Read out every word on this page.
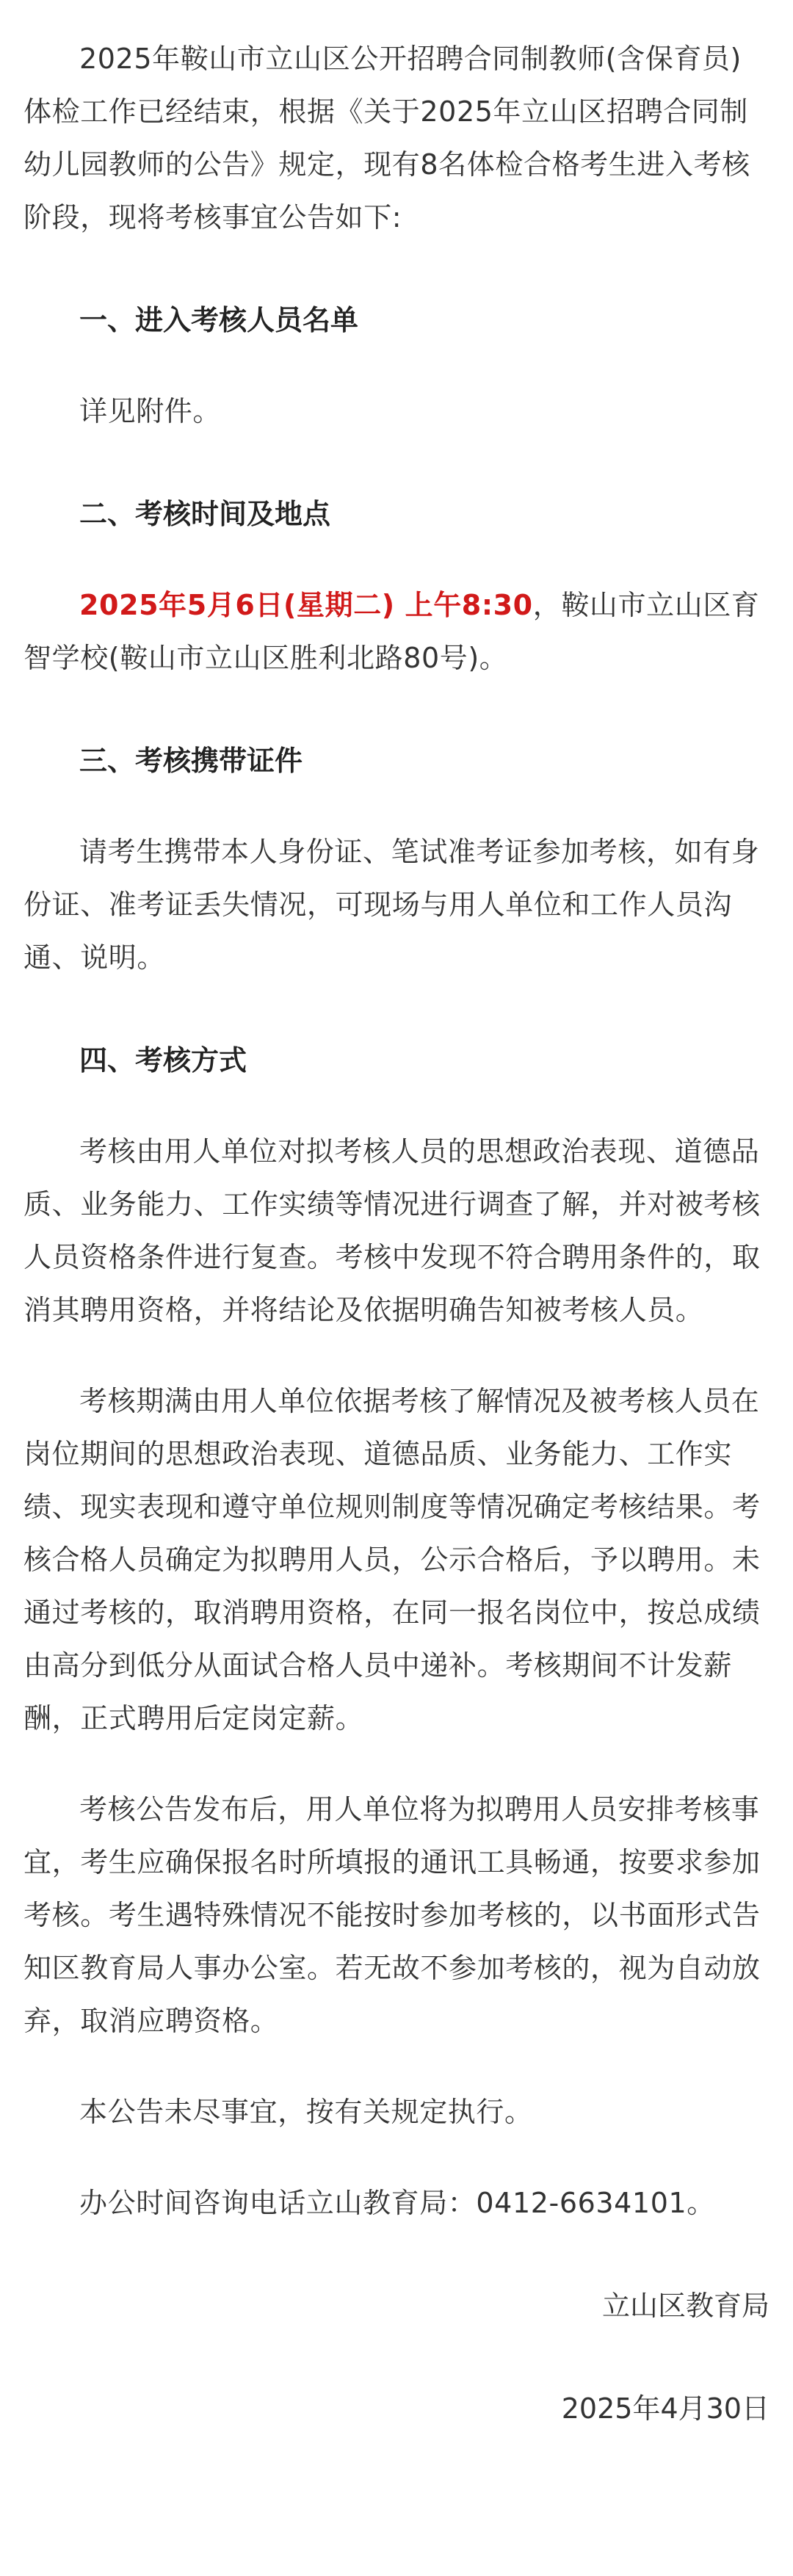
2025年鞍山市立山区公开招聘合同制教师(含保育员)体检工作已经结束，根据《关于2025年立山区招聘合同制幼儿园教师的公告》规定，现有8名体检合格考生进入考核阶段，现将考核事宜公告如下:

一、进入考核人员名单

详见附件。

二、考核时间及地点

2025年5月6日(星期二) 上午8:30，鞍山市立山区育智学校(鞍山市立山区胜利北路80号)。

三、考核携带证件

请考生携带本人身份证、笔试准考证参加考核，如有身份证、准考证丢失情况，可现场与用人单位和工作人员沟通、说明。

四、考核方式

考核由用人单位对拟考核人员的思想政治表现、道德品质、业务能力、工作实绩等情况进行调查了解，并对被考核人员资格条件进行复查。考核中发现不符合聘用条件的，取消其聘用资格，并将结论及依据明确告知被考核人员。

考核期满由用人单位依据考核了解情况及被考核人员在岗位期间的思想政治表现、道德品质、业务能力、工作实绩、现实表现和遵守单位规则制度等情况确定考核结果。考核合格人员确定为拟聘用人员，公示合格后，予以聘用。未通过考核的，取消聘用资格，在同一报名岗位中，按总成绩由高分到低分从面试合格人员中递补。考核期间不计发薪酬，正式聘用后定岗定薪。

考核公告发布后，用人单位将为拟聘用人员安排考核事宜，考生应确保报名时所填报的通讯工具畅通，按要求参加考核。考生遇特殊情况不能按时参加考核的，以书面形式告知区教育局人事办公室。若无故不参加考核的，视为自动放弃，取消应聘资格。

本公告未尽事宜，按有关规定执行。

办公时间咨询电话立山教育局：0412-6634101。

立山区教育局

2025年4月30日
